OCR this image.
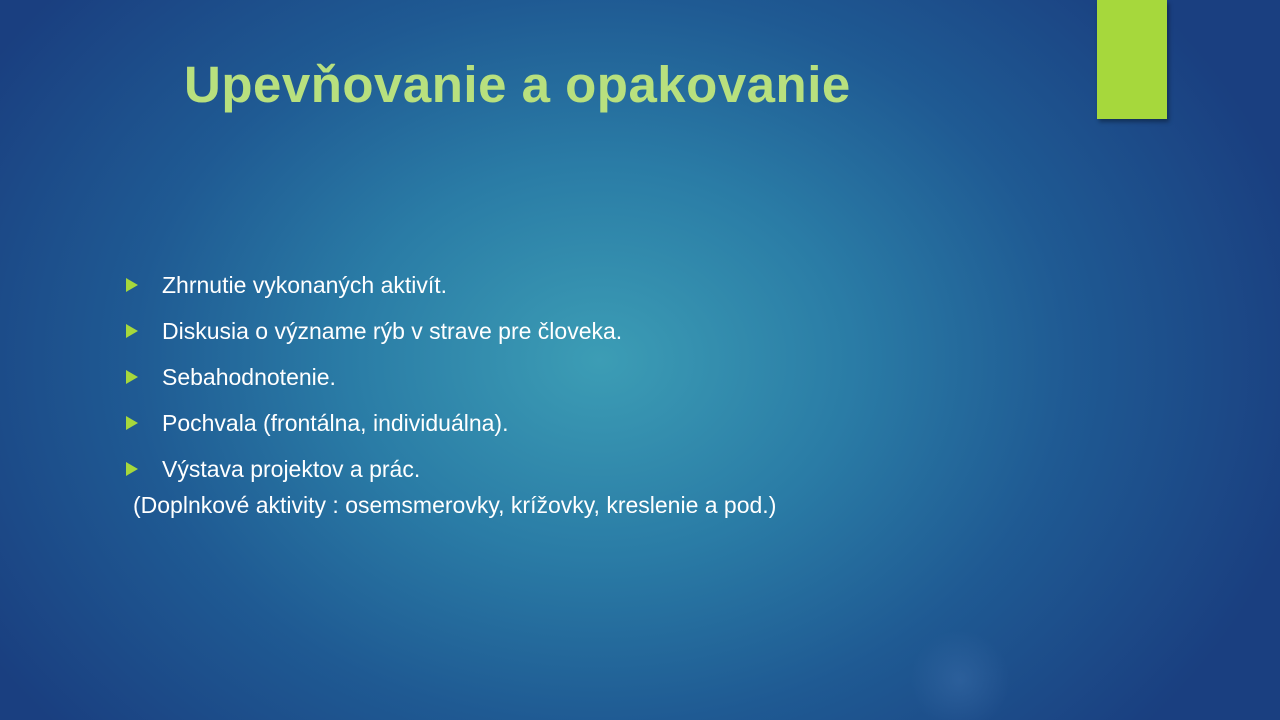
Upevňovanie a opakovanie
Zhrnutie vykonaných aktivít.
Diskusia o význame rýb v strave pre človeka.
Sebahodnotenie.
Pochvala (frontálna, individuálna).
Výstava projektov a prác.

(Doplnkové aktivity : osemsmerovky, krížovky, kreslenie a pod.)
